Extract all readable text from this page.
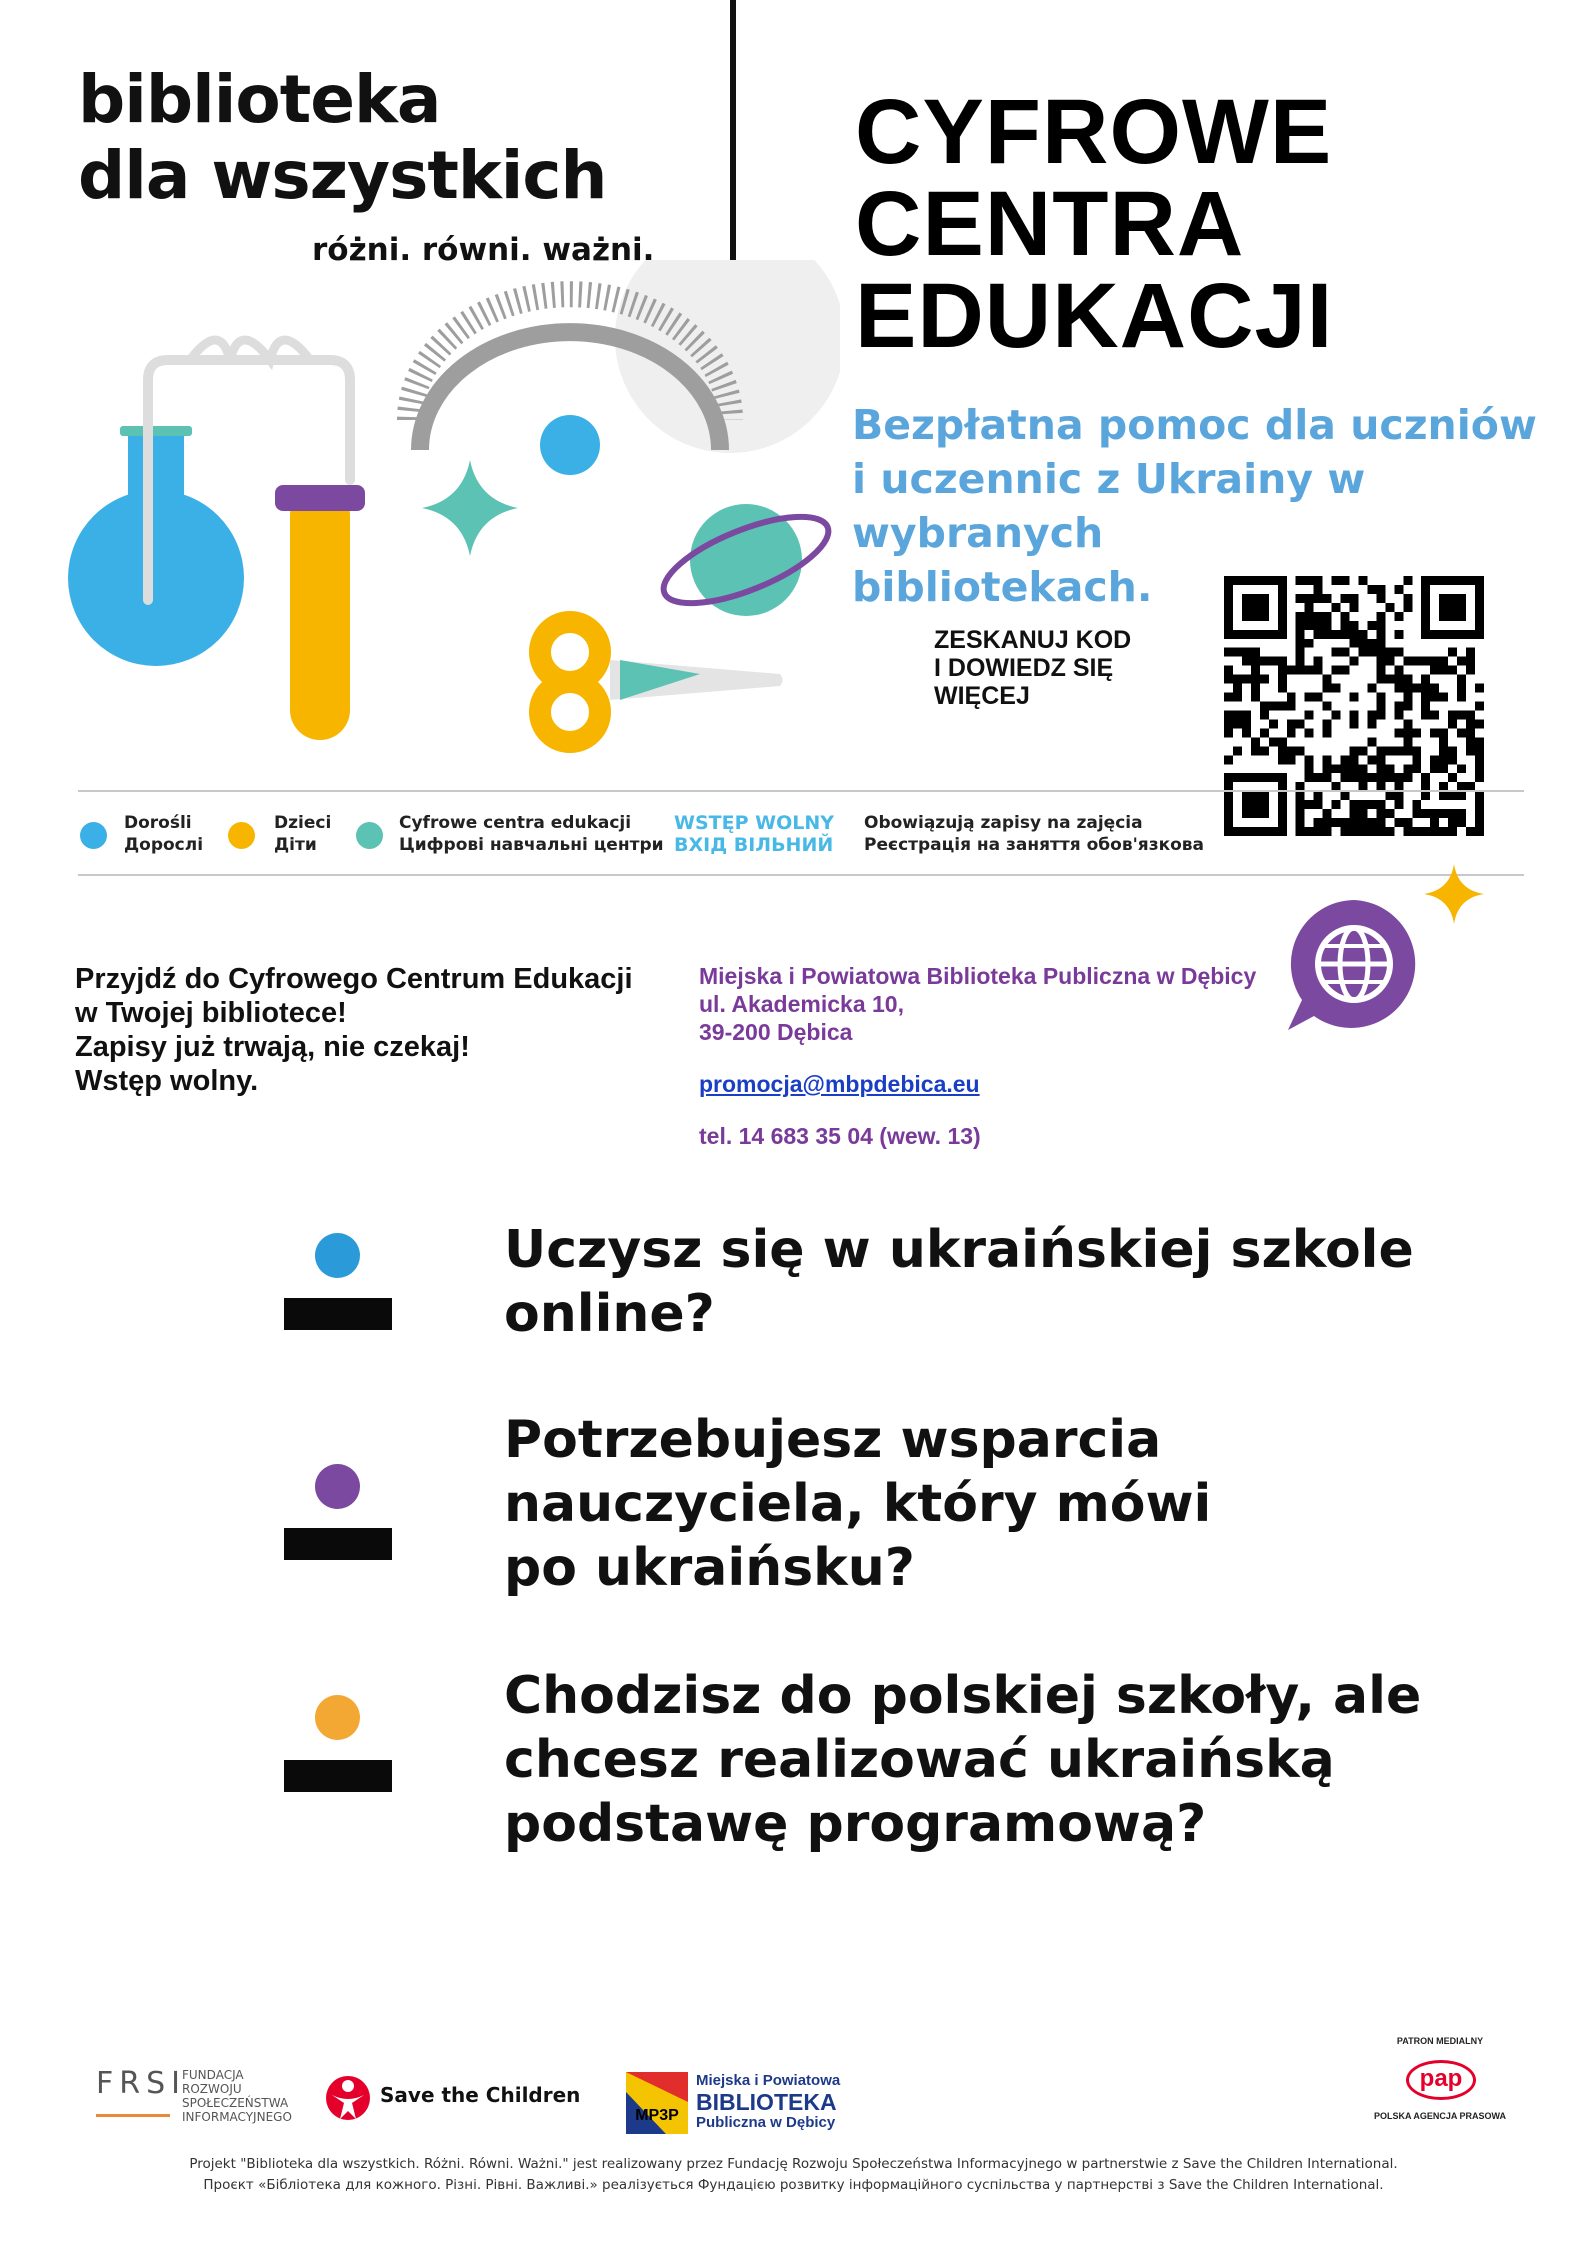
biblioteka
dla wszystkich
różni. równi. ważni.
CYFROWE
CENTRA
EDUKACJI
Bezpłatna pomoc dla uczniów
i uczennic z Ukrainy w wybranych
bibliotekach.
ZESKANUJ KOD
I DOWIEDZ SIĘ
WIĘCEJ
Dorośli
Дорослі
Dzieci
Діти
Cyfrowe centra edukacji
Цифрові навчальні центри
WSTĘP WOLNY
ВХІД ВІЛЬНИЙ
Obowiązują zapisy na zajęcia
Реєстрація на заняття обов'язкова
Przyjdź do Cyfrowego Centrum Edukacji
w Twojej bibliotece!
Zapisy już trwają, nie czekaj!
Wstęp wolny.
Miejska i Powiatowa Biblioteka Publiczna w Dębicy
ul. Akademicka 10,
39-200 Dębica
promocja@mbpdebica.eu
tel. 14 683 35 04 (wew. 13)
Uczysz się w ukraińskiej szkole
online?
Potrzebujesz wsparcia
nauczyciela, który mówi
po ukraińsku?
Chodzisz do polskiej szkoły, ale
chcesz realizować ukraińską
podstawę programową?
FRSI
FUNDACJA
ROZWOJU
SPOŁECZEŃSTWA
INFORMACYJNEGO
Save the Children
MP3P
Miejska i Powiatowa
BIBLIOTEKA
Publiczna w Dębicy
PATRON MEDIALNY
pap
POLSKA AGENCJA PRASOWA
Projekt "Biblioteka dla wszystkich. Różni. Równi. Ważni." jest realizowany przez Fundację Rozwoju Społeczeństwa Informacyjnego w partnerstwie z Save the Children International.
Проєкт «Бібліотека для кожного. Різні. Рівні. Важливі.» реалізується Фундацією розвитку інформаційного суспільства у партнерстві з Save the Children International.
